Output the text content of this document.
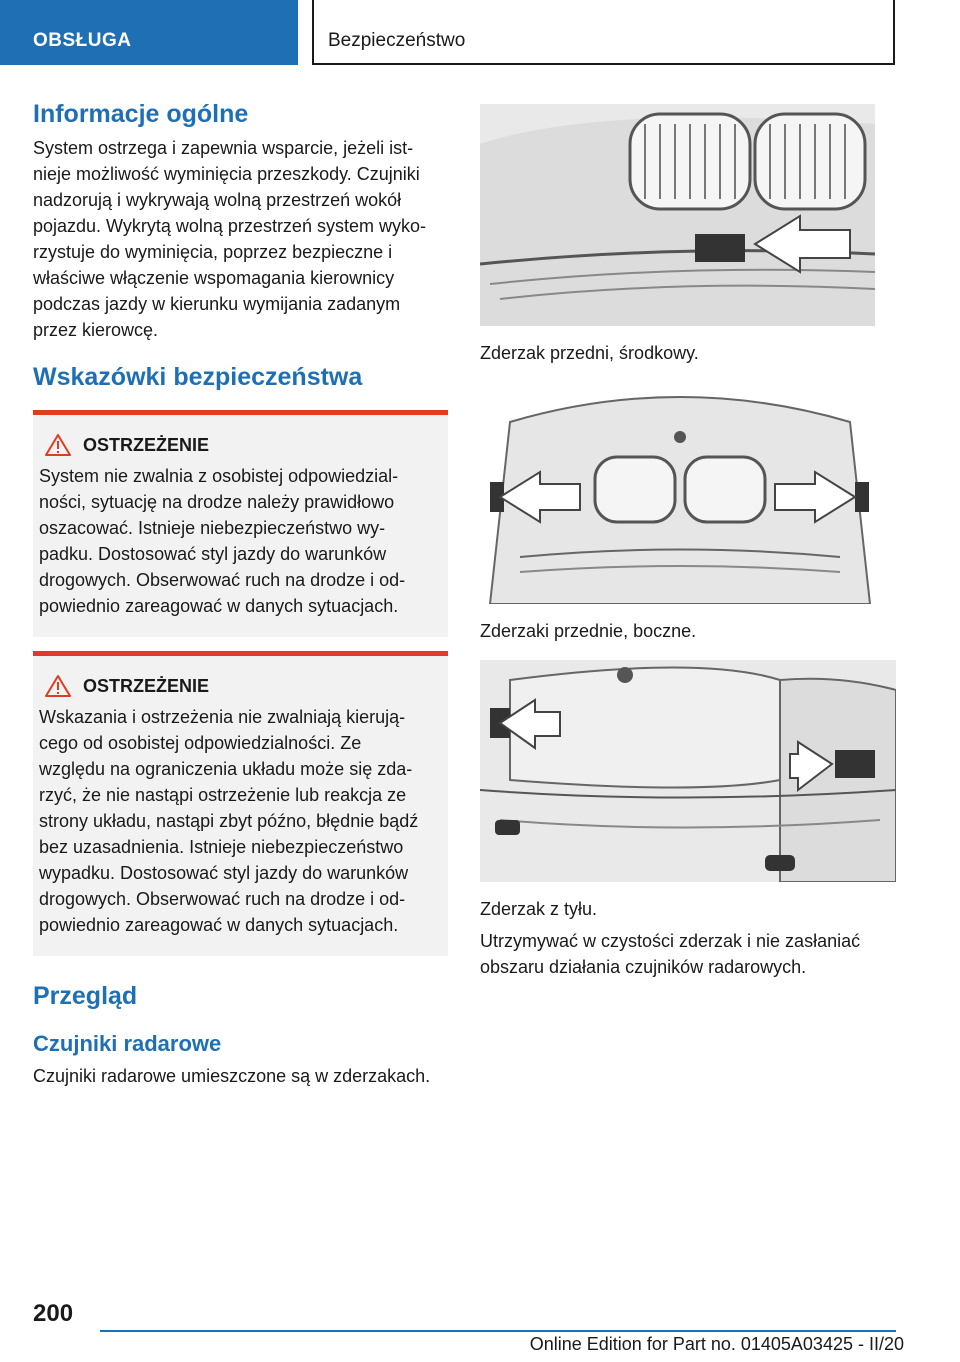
OBSŁUGA	Bezpieczeństwo
Informacje ogólne

System ostrzega i zapewnia wsparcie, jeżeli ist-

nieje możliwość wyminięcia przeszkody. Czujniki

nadzorują i wykrywają wolną przestrzeń wokół

pojazdu. Wykrytą wolną przestrzeń system wyko-

rzystuje do wyminięcia, poprzez bezpieczne i

właściwe włączenie wspomagania kierownicy

podczas jazdy w kierunku wymijania zadanym

przez kierowcę.

Wskazówki bezpieczeństwa
OSTRZEŻENIE

System nie zwalnia z osobistej odpowiedzial-

ności, sytuację na drodze należy prawidłowo

oszacować. Istnieje niebezpieczeństwo wy-

padku. Dostosować styl jazdy do warunków

drogowych. Obserwować ruch na drodze i od-

powiednio zareagować w danych sytuacjach.

OSTRZEŻENIE

Wskazania i ostrzeżenia nie zwalniają kierują-

cego od osobistej odpowiedzialności. Ze

względu na ograniczenia układu może się zda-

rzyć, że nie nastąpi ostrzeżenie lub reakcja ze

strony układu, nastąpi zbyt późno, błędnie bądź

bez uzasadnienia. Istnieje niebezpieczeństwo

wypadku. Dostosować styl jazdy do warunków

drogowych. Obserwować ruch na drodze i od-

powiednio zareagować w danych sytuacjach.

Przegląd
Czujniki radarowe

Czujniki radarowe umieszczone są w zderzakach.

Zderzak przedni, środkowy.
Zderzaki przednie, boczne.
Zderzak z tyłu.

Utrzymywać w czystości zderzak i nie zasłaniać

obszaru działania czujników radarowych.

200
Online Edition for Part no. 01405A03425 - II/20
